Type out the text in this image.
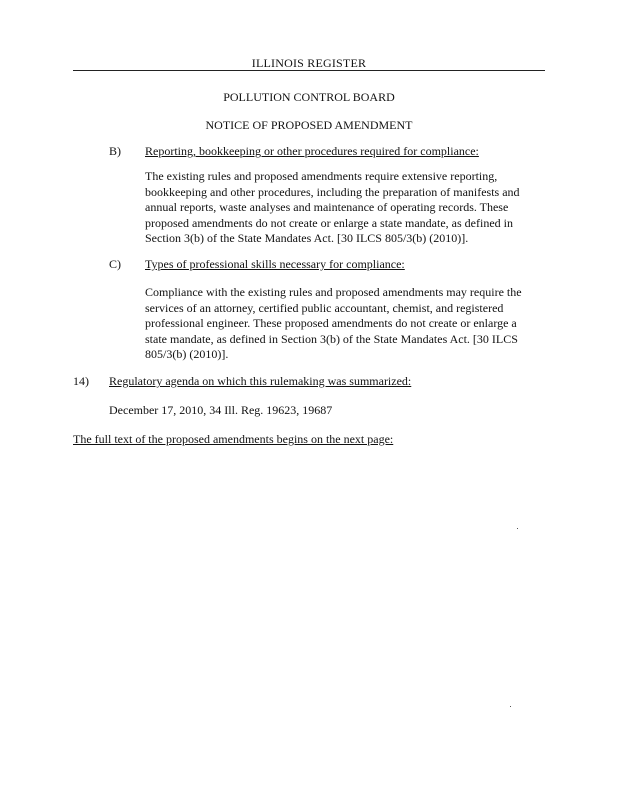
ILLINOIS REGISTER
POLLUTION CONTROL BOARD
NOTICE OF PROPOSED AMENDMENT
B) Reporting, bookkeeping or other procedures required for compliance:
The existing rules and proposed amendments require extensive reporting,
bookkeeping and other procedures, including the preparation of manifests and
annual reports, waste analyses and maintenance of operating records. These
proposed amendments do not create or enlarge a state mandate, as defined in
Section 3(b) of the State Mandates Act. [30 ILCS 805/3(b) (2010)].
C) Types of professional skills necessary for compliance:
Compliance with the existing rules and proposed amendments may require the
services of an attorney, certified public accountant, chemist, and registered
professional engineer. These proposed amendments do not create or enlarge a
state mandate, as defined in Section 3(b) of the State Mandates Act. [30 ILCS
805/3(b) (2010)].
14) Regulatory agenda on which this rulemaking was summarized:
December 17, 2010, 34 Ill. Reg. 19623, 19687
The full text of the proposed amendments begins on the next page:
